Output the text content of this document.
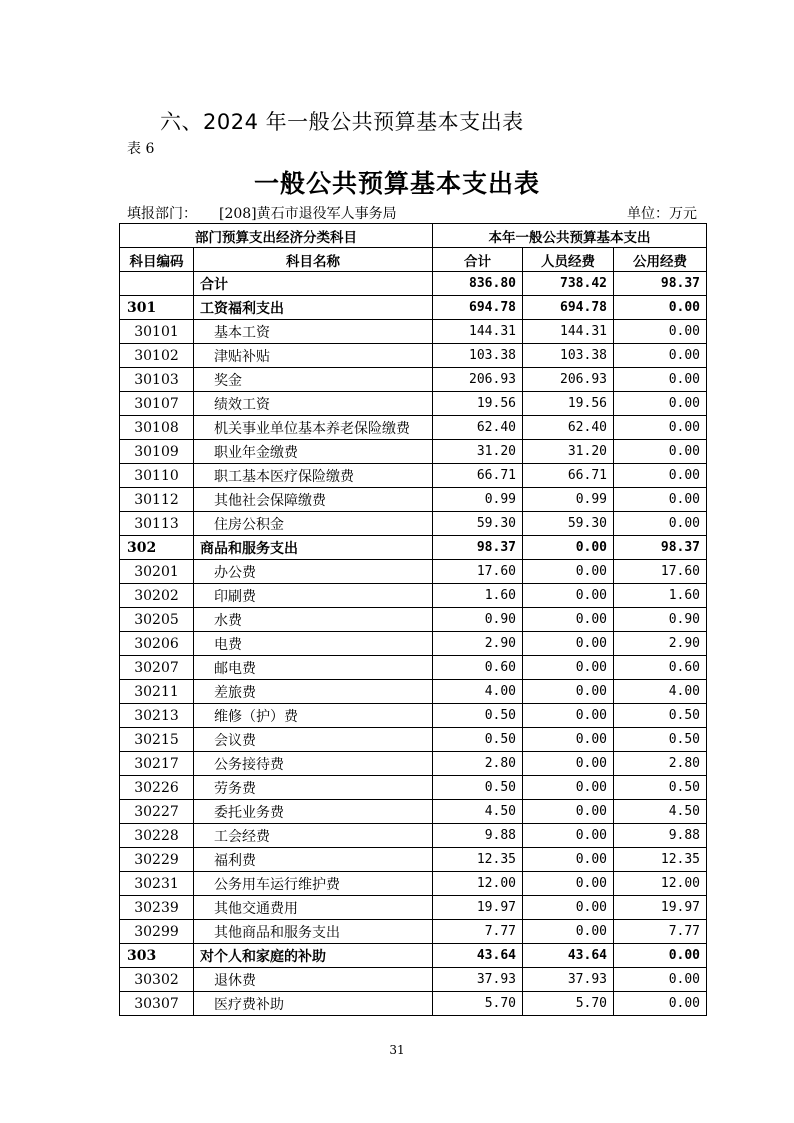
六、2024 年一般公共预算基本支出表
表 6
一般公共预算基本支出表
填报部门： [208]黄石市退役军人事务局	单位：万元
部门预算支出经济分类科目		本年一般公共预算基本支出		
科目编码	科目名称	合计	人员经费	公用经费
	合计	836.80	738.42	98.37
301	工资福利支出	694.78	694.78	0.00
30101	基本工资	144.31	144.31	0.00
30102	津贴补贴	103.38	103.38	0.00
30103	奖金	206.93	206.93	0.00
30107	绩效工资	19.56	19.56	0.00
30108	机关事业单位基本养老保险缴费	62.40	62.40	0.00
30109	职业年金缴费	31.20	31.20	0.00
30110	职工基本医疗保险缴费	66.71	66.71	0.00
30112	其他社会保障缴费	0.99	0.99	0.00
30113	住房公积金	59.30	59.30	0.00
302	商品和服务支出	98.37	0.00	98.37
30201	办公费	17.60	0.00	17.60
30202	印刷费	1.60	0.00	1.60
30205	水费	0.90	0.00	0.90
30206	电费	2.90	0.00	2.90
30207	邮电费	0.60	0.00	0.60
30211	差旅费	4.00	0.00	4.00
30213	维修（护）费	0.50	0.00	0.50
30215	会议费	0.50	0.00	0.50
30217	公务接待费	2.80	0.00	2.80
30226	劳务费	0.50	0.00	0.50
30227	委托业务费	4.50	0.00	4.50
30228	工会经费	9.88	0.00	9.88
30229	福利费	12.35	0.00	12.35
30231	公务用车运行维护费	12.00	0.00	12.00
30239	其他交通费用	19.97	0.00	19.97
30299	其他商品和服务支出	7.77	0.00	7.77
303	对个人和家庭的补助	43.64	43.64	0.00
30302	退休费	37.93	37.93	0.00
30307	医疗费补助	5.70	5.70	0.00
31
